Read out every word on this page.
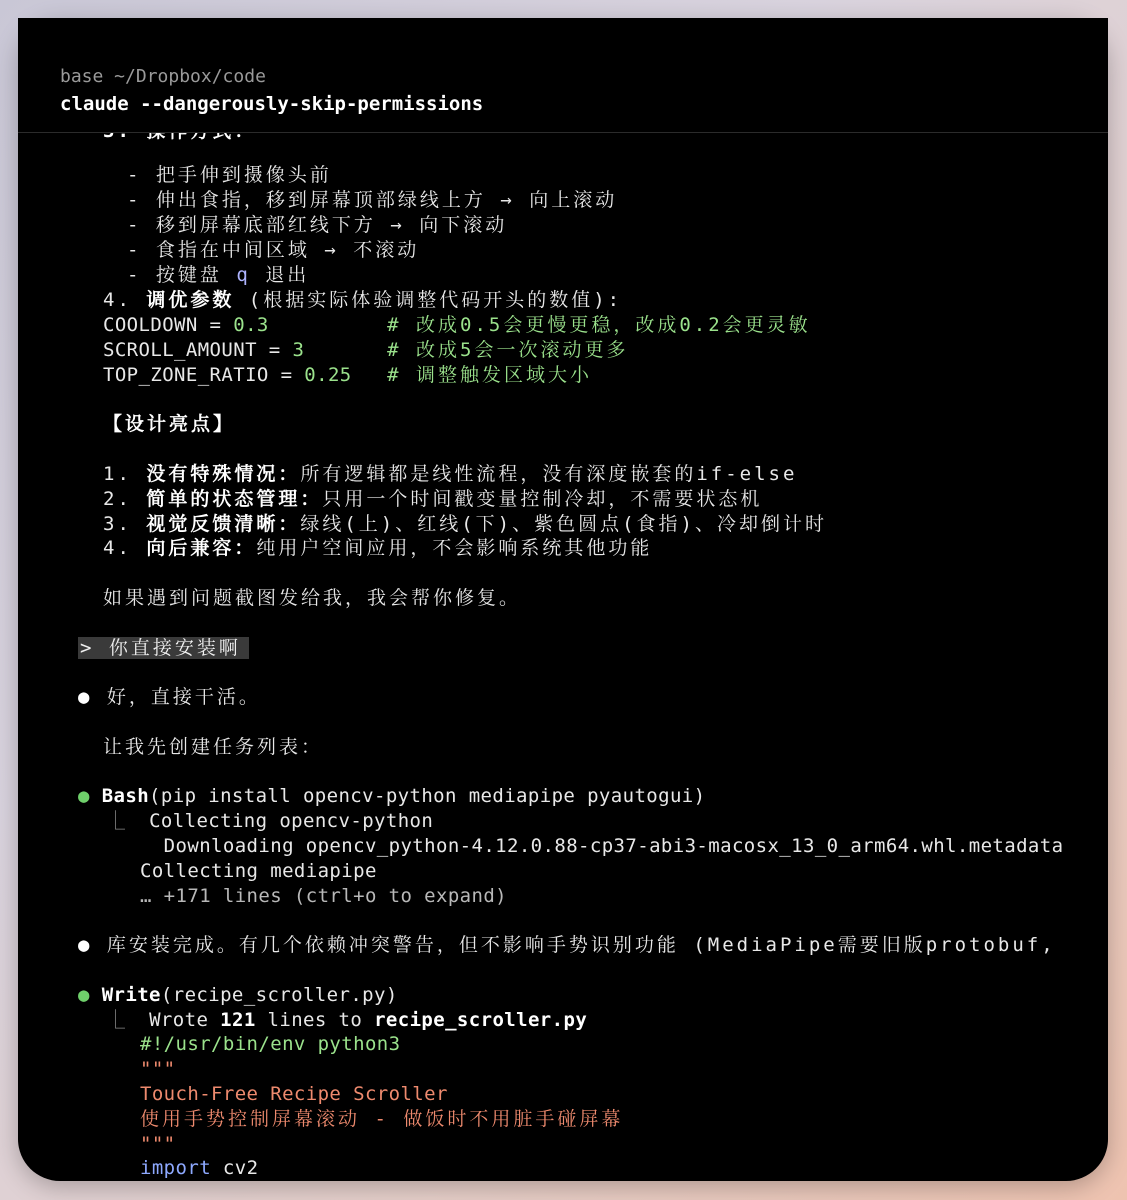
base ~/Dropbox/code
claude --dangerously-skip-permissions
- 把手伸到摄像头前
- 伸出食指，移到屏幕顶部绿线上方 → 向上滚动
- 移到屏幕底部红线下方 → 向下滚动
- 食指在中间区域 → 不滚动
- 按键盘 q 退出
4. 调优参数 (根据实际体验调整代码开头的数值):
COOLDOWN = 0.3	# 改成0.5会更慢更稳，改成0.2会更灵敏
SCROLL_AMOUNT = 3	# 改成5会一次滚动更多
TOP_ZONE_RATIO = 0.25 # 调整触发区域大小
【设计亮点】
1. 没有特殊情况：所有逻辑都是线性流程，没有深度嵌套的if-else
2. 简单的状态管理：只用一个时间戳变量控制冷却，不需要状态机
3. 视觉反馈清晰：绿线(上)、红线(下)、紫色圆点(食指)、冷却倒计时
4. 向后兼容：纯用户空间应用，不会影响系统其他功能
如果遇到问题截图发给我，我会帮你修复。
> 你直接安装啊
● 好，直接干活。
让我先创建任务列表：
● Bash(pip install opencv-python mediapipe pyautogui)
⎿ Collecting opencv-python
Downloading opencv_python-4.12.0.88-cp37-abi3-macosx_13_0_arm64.whl.metadata
Collecting mediapipe
… +171 lines (ctrl+o to expand)
● 库安装完成。有几个依赖冲突警告，但不影响手势识别功能 (MediaPipe需要旧版protobuf,
● Write(recipe_scroller.py)
⎿ Wrote 121 lines to recipe_scroller.py
#!/usr/bin/env python3
"""
Touch-Free Recipe Scroller
使用手势控制屏幕滚动 - 做饭时不用脏手碰屏幕
"""
import cv2
